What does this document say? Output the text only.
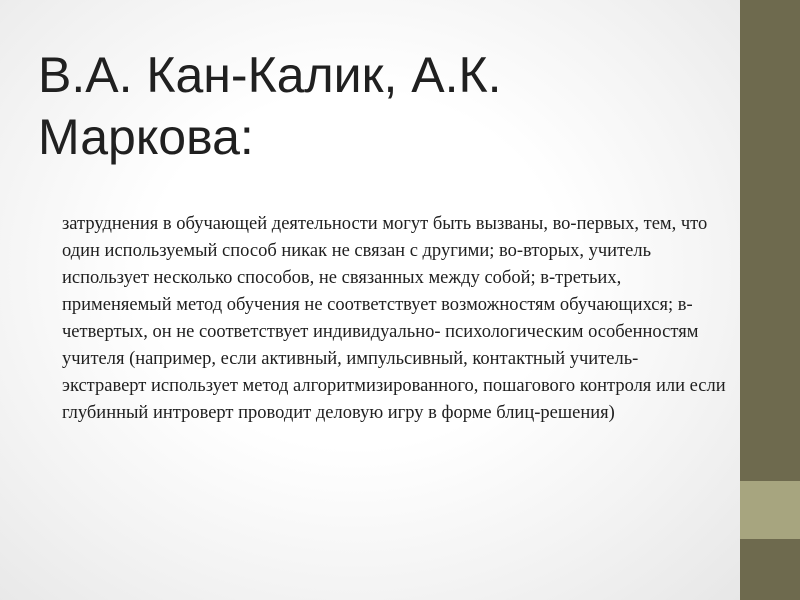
В.А. Кан-Калик, А.К. Маркова:

затруднения в обучающей деятельности могут быть вызваны, во-первых, тем, что один используемый способ никак не связан с другими; во-вторых, учитель использует несколько способов, не связанных между собой; в-третьих, применяемый метод обучения не соответствует возможностям обучающихся; в-четвертых, он не соответствует индивидуально- психологическим особенностям учителя (например, если активный, импульсивный, контактный учитель- экстраверт использует метод алгоритмизированного, пошагового контроля или если глубинный интроверт проводит деловую игру в форме блиц-решения)
